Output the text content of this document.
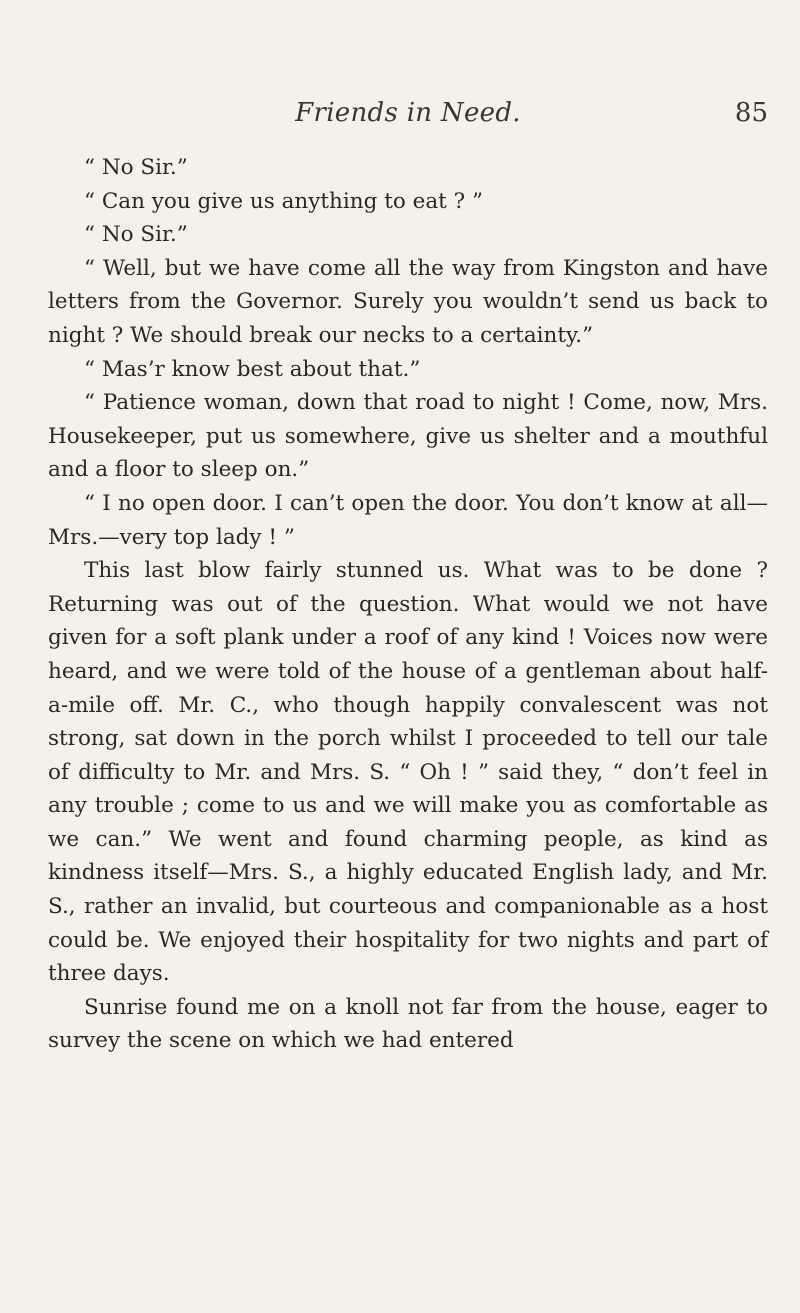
Friends in Need.	85

“ No Sir.”

“ Can you give us anything to eat ? ”

“ No Sir.”

“ Well, but we have come all the way from Kingston and have letters from the Governor. Surely you wouldn’t send us back to night ? We should break our necks to a certainty.”

“ Mas’r know best about that.”

“ Patience woman, down that road to night ! Come, now, Mrs. Housekeeper, put us somewhere, give us shelter and a mouthful and a floor to sleep on.”

“ I no open door. I can’t open the door. You don’t know at all—Mrs.—very top lady ! ”

This last blow fairly stunned us. What was to be done ? Returning was out of the question. What would we not have given for a soft plank under a roof of any kind ! Voices now were heard, and we were told of the house of a gentleman about half-a-mile off. Mr. C., who though happily convalescent was not strong, sat down in the porch whilst I proceeded to tell our tale of difficulty to Mr. and Mrs. S. “ Oh ! ” said they, “ don’t feel in any trouble ; come to us and we will make you as comfortable as we can.” We went and found charming people, as kind as kindness itself—Mrs. S., a highly educated English lady, and Mr. S., rather an invalid, but courteous and companionable as a host could be. We enjoyed their hospitality for two nights and part of three days.

Sunrise found me on a knoll not far from the house, eager to survey the scene on which we had entered
